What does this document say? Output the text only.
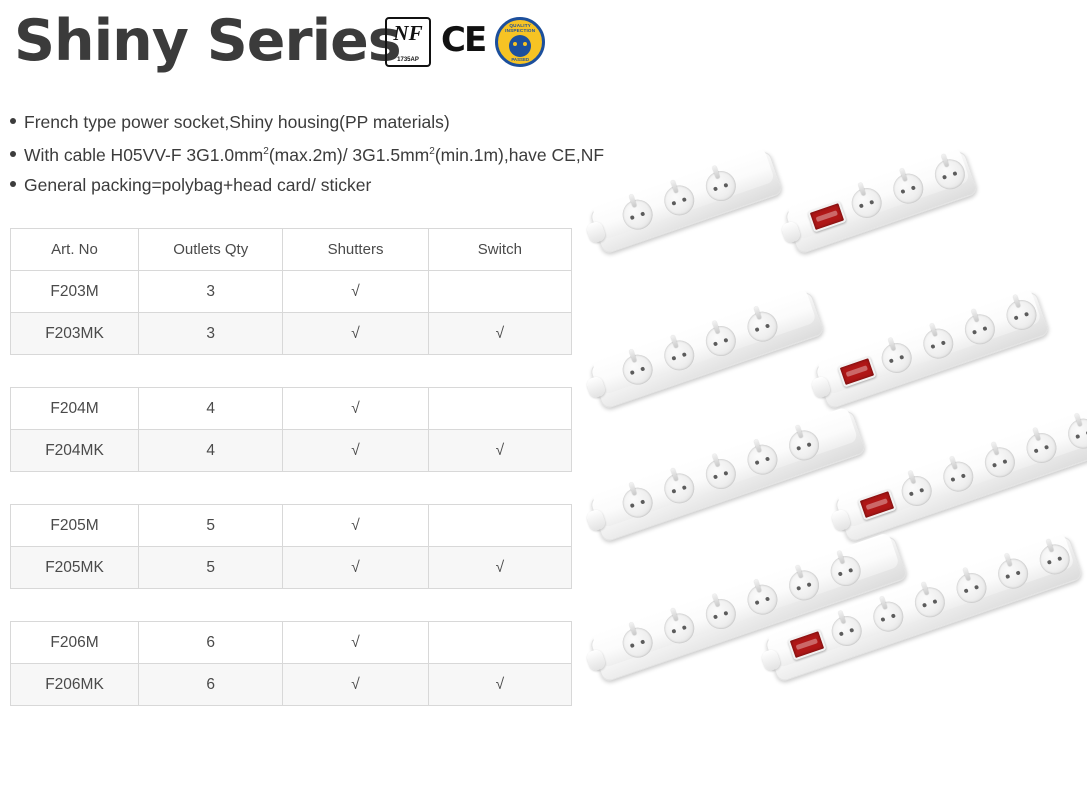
Shiny Series
NF
1735AP CE	QUALITY INSPECTION
PASSED
French type power socket,Shiny housing(PP materials)
With cable H05VV-F $3G1.0mm^2(\max.2m)/$ $3G1.5mm^2(\min.1m),have$ CE,NF
General packing=polybag+head card/ sticker
Art. No	Outlets Qty	Shutters	Switch
F203M	3	√	
F203MK	3	√	√
F204M	4	√	
F204MK	4	√	√
F205M	5	√	
F205MK	5	√	√
F206M	6	√	
F206MK	6	√	√
